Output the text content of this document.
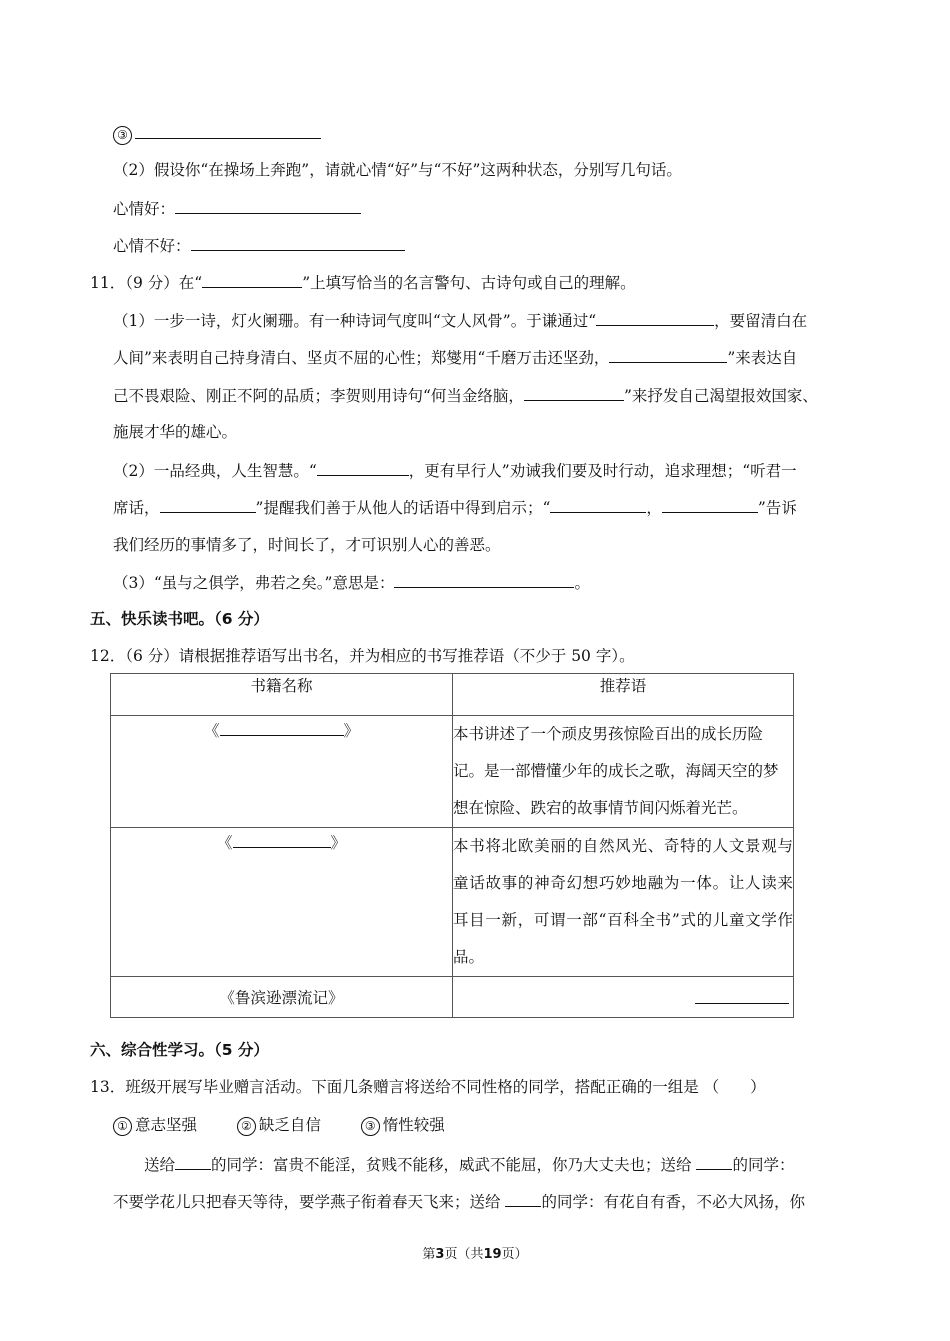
③
（2）假设你“在操场上奔跑”，请就心情“好”与“不好”这两种状态，分别写几句话。
心情好：
心情不好：
11．（9 分）在“	”上填写恰当的名言警句、古诗句或自己的理解。
（1）一步一诗，灯火阑珊。有一种诗词气度叫“文人风骨”。于谦通过“	，要留清白在
人间”来表明自己持身清白、坚贞不屈的心性；郑燮用“千磨万击还坚劲，	”来表达自
己不畏艰险、刚正不阿的品质；李贺则用诗句“何当金络脑，	”来抒发自己渴望报效国家、
施展才华的雄心。
（2）一品经典，人生智慧。“	，更有早行人”劝诫我们要及时行动，追求理想；“听君一
席话，	”提醒我们善于从他人的话语中得到启示；“	，	”告诉
我们经历的事情多了，时间长了，才可识别人心的善恶。
（3）“虽与之俱学，弗若之矣。”意思是：	。
五、快乐读书吧。（6 分）
12．（6 分）请根据推荐语写出书名，并为相应的书写推荐语（不少于 50 字）。
书籍名称	推荐语
《 》	本书讲述了一个顽皮男孩惊险百出的成长历险记。是一部懵懂少年的成长之歌，海阔天空的梦想在惊险、跌宕的故事情节间闪烁着光芒。
《 》	本书将北欧美丽的自然风光、奇特的人文景观与童话故事的神奇幻想巧妙地融为一体。让人读来耳目一新，可谓一部“百科全书”式的儿童文学作品。
《鲁滨逊漂流记》	
六、综合性学习。（5 分）
13．班级开展写毕业赠言活动。下面几条赠言将送给不同性格的同学，搭配正确的一组是 （　　）
① 意志坚强	② 缺乏自信	③ 惰性较强
送给 的同学：富贵不能淫，贫贱不能移，威武不能屈，你乃大丈夫也；送给	的同学：
不要学花儿只把春天等待，要学燕子衔着春天飞来；送给	的同学：有花自有香，不必大风扬，你
第3页（共19页）
